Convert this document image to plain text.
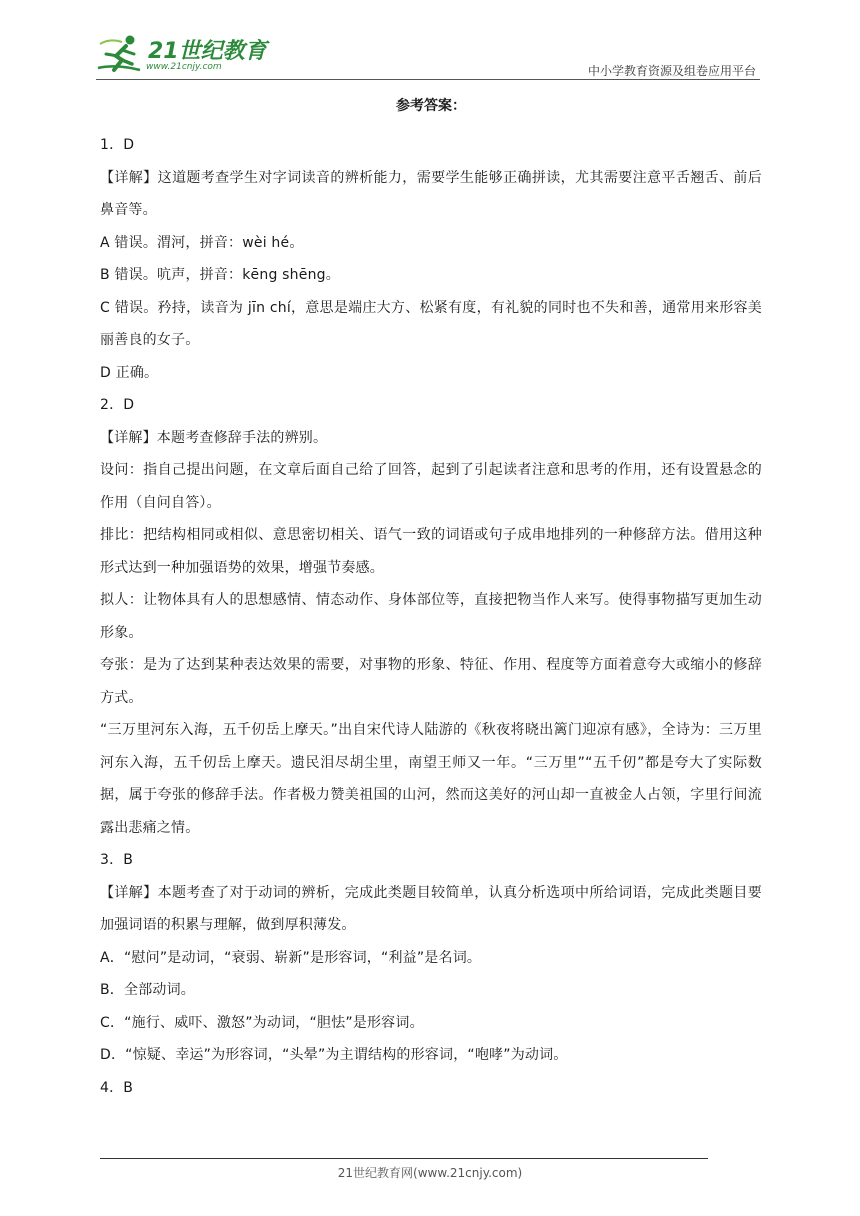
21世纪教育
www.21cnjy.com	中小学教育资源及组卷应用平台
参考答案：

1．D

【详解】这道题考查学生对字词读音的辨析能力，需要学生能够正确拼读，尤其需要注意平舌翘舌、前后鼻音等。

A 错误。渭河，拼音：wèi hé。

B 错误。吭声，拼音：kēng shēng。

C 错误。矜持，读音为 jīn chí，意思是端庄大方、松紧有度，有礼貌的同时也不失和善，通常用来形容美丽善良的女子。

D 正确。

2．D

【详解】本题考查修辞手法的辨别。

设问：指自己提出问题，在文章后面自己给了回答，起到了引起读者注意和思考的作用，还有设置悬念的作用（自问自答）。

排比：把结构相同或相似、意思密切相关、语气一致的词语或句子成串地排列的一种修辞方法。借用这种形式达到一种加强语势的效果，增强节奏感。

拟人：让物体具有人的思想感情、情态动作、身体部位等，直接把物当作人来写。使得事物描写更加生动形象。

夸张：是为了达到某种表达效果的需要，对事物的形象、特征、作用、程度等方面着意夸大或缩小的修辞方式。

“三万里河东入海，五千仞岳上摩天。”出自宋代诗人陆游的《秋夜将晓出篱门迎凉有感》，全诗为：三万里河东入海，五千仞岳上摩天。遗民泪尽胡尘里，南望王师又一年。“三万里”“五千仞”都是夸大了实际数据，属于夸张的修辞手法。作者极力赞美祖国的山河，然而这美好的河山却一直被金人占领，字里行间流露出悲痛之情。

3．B

【详解】本题考查了对于动词的辨析，完成此类题目较简单，认真分析选项中所给词语，完成此类题目要加强词语的积累与理解，做到厚积薄发。

A．“慰问”是动词，“衰弱、崭新”是形容词，“利益”是名词。

B．全部动词。

C．“施行、威吓、激怒”为动词，“胆怯”是形容词。

D．“惊疑、幸运”为形容词，“头晕”为主谓结构的形容词，“咆哮”为动词。

4．B

21世纪教育网(www.21cnjy.com)
